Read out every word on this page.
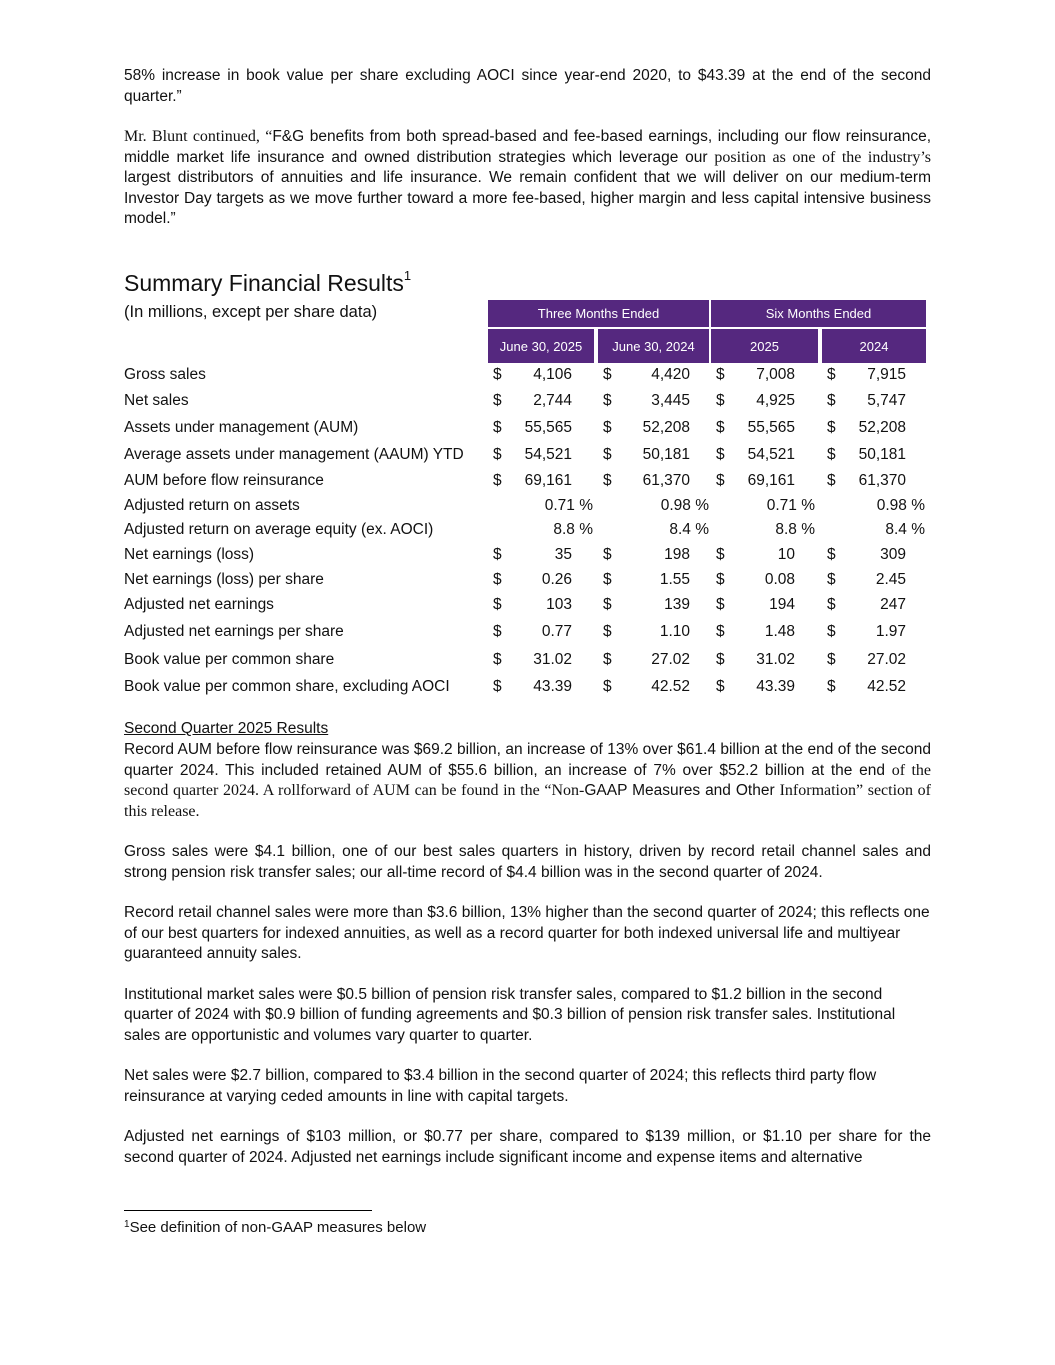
58% increase in book value per share excluding AOCI since year-end 2020, to $43.39 at the end of the second quarter.”

Mr. Blunt continued, “F&G benefits from both spread-based and fee-based earnings, including our flow reinsurance, middle market life insurance and owned distribution strategies which leverage our position as one of the industry’s largest distributors of annuities and life insurance. We remain confident that we will deliver on our medium-term Investor Day targets as we move further toward a more fee-based, higher margin and less capital intensive business model.”

Summary Financial Results$^1$
(In millions, except per share data)	Three Months Ended	Six Months Ended
June 30, 2025	June 30, 2024	2025	2024
Gross sales	$	4,106 $	4,420 $	7,008 $	7,915
Net sales	$	2,744 $	3,445 $	4,925 $	5,747
Assets under management (AUM)	$	55,565 $	52,208 $	55,565 $	52,208
Average assets under management (AAUM) YTD $	54,521 $	50,181 $	54,521 $	50,181
AUM before flow reinsurance	$	69,161 $	61,370 $	69,161 $	61,370
Adjusted return on assets	0.71 %	0.98 %	0.71 %	0.98 %
Adjusted return on average equity (ex. AOCI)	8.8 %	8.4 %	8.8 %	8.4 %
Net earnings (loss)	$	35 $	198 $	10 $	309
Net earnings (loss) per share	$	0.26 $	1.55 $	0.08 $	2.45
Adjusted net earnings	$	103 $	139 $	194 $	247
Adjusted net earnings per share	$	0.77 $	1.10 $	1.48 $	1.97
Book value per common share	$	31.02 $	27.02 $	31.02 $	27.02
Book value per common share, excluding AOCI	$	43.39 $	42.52 $	43.39 $	42.52
Second Quarter 2025 Results

Record AUM before flow reinsurance was $69.2 billion, an increase of 13% over $61.4 billion at the end of the second quarter 2024. This included retained AUM of $55.6 billion, an increase of 7% over $52.2 billion at the end of the second quarter 2024. A rollforward of AUM can be found in the “Non-GAAP Measures and Other Information” section of this release.

Gross sales were $4.1 billion, one of our best sales quarters in history, driven by record retail channel sales and strong pension risk transfer sales; our all-time record of $4.4 billion was in the second quarter of 2024.

Record retail channel sales were more than $3.6 billion, 13% higher than the second quarter of 2024; this reflects one of our best quarters for indexed annuities, as well as a record quarter for both indexed universal life and multiyear guaranteed annuity sales.

Institutional market sales were $0.5 billion of pension risk transfer sales, compared to $1.2 billion in the second quarter of 2024 with $0.9 billion of funding agreements and $0.3 billion of pension risk transfer sales. Institutional sales are opportunistic and volumes vary quarter to quarter.

Net sales were $2.7 billion, compared to $3.4 billion in the second quarter of 2024; this reflects third party flow reinsurance at varying ceded amounts in line with capital targets.

Adjusted net earnings of $103 million, or $0.77 per share, compared to $139 million, or $1.10 per share for the second quarter of 2024. Adjusted net earnings include significant income and expense items and alternative

$^1$See definition of non-GAAP measures below
